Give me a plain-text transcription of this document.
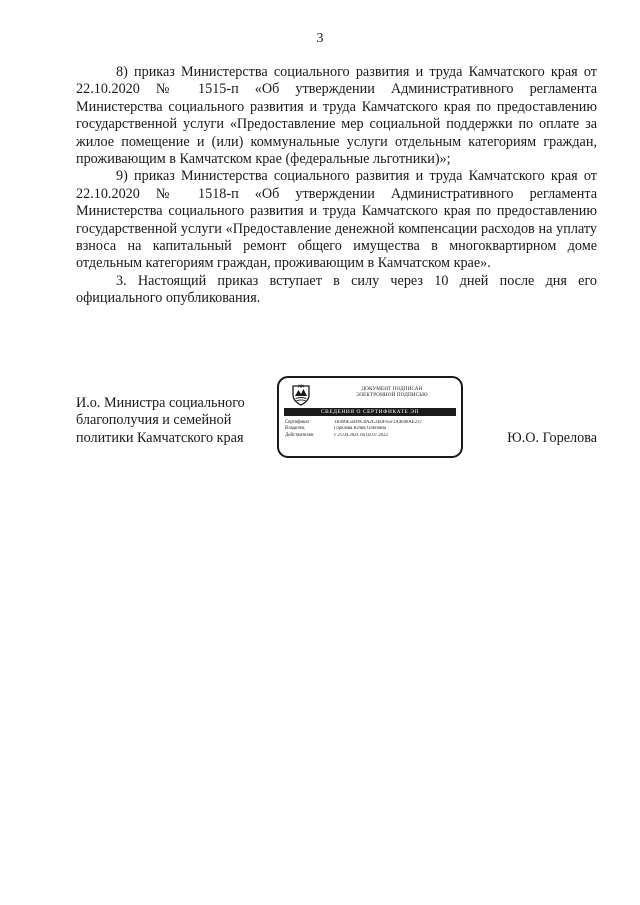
3

8) приказ Министерства социального развития и труда Камчатского края от 22.10.2020 № 1515-п «Об утверждении Административного регламента Министерства социального развития и труда Камчатского края по предоставлению государственной услуги «Предоставление мер социальной поддержки по оплате за жилое помещение и (или) коммунальные услуги отдельным категориям граждан, проживающим в Камчатском крае (федеральные льготники)»;

9) приказ Министерства социального развития и труда Камчатского края от 22.10.2020 № 1518-п «Об утверждении Административного регламента Министерства социального развития и труда Камчатского края по предоставлению государственной услуги «Предоставление денежной компенсации расходов на уплату взноса на капитальный ремонт общего имущества в многоквартирном доме отдельным категориям граждан, проживающим в Камчатском крае».

3. Настоящий приказ вступает в силу через 10 дней после дня его официального опубликования.

И.о. Министра социального
благополучия и семейной
политики Камчатского края
ДОКУМЕНТ ПОДПИСАН
ЭЛЕКТРОННОЙ ПОДПИСЬЮ
СВЕДЕНИЯ О СЕРТИФИКАТЕ ЭП
Сертификат	1B496E5BF6C0A2C3E0F65F1A4048AE237
Владелец	Горелова Юлия Олеговна
Действителен	с 21.04.2021 по 02.07.2022	Ю.О. Горелова
